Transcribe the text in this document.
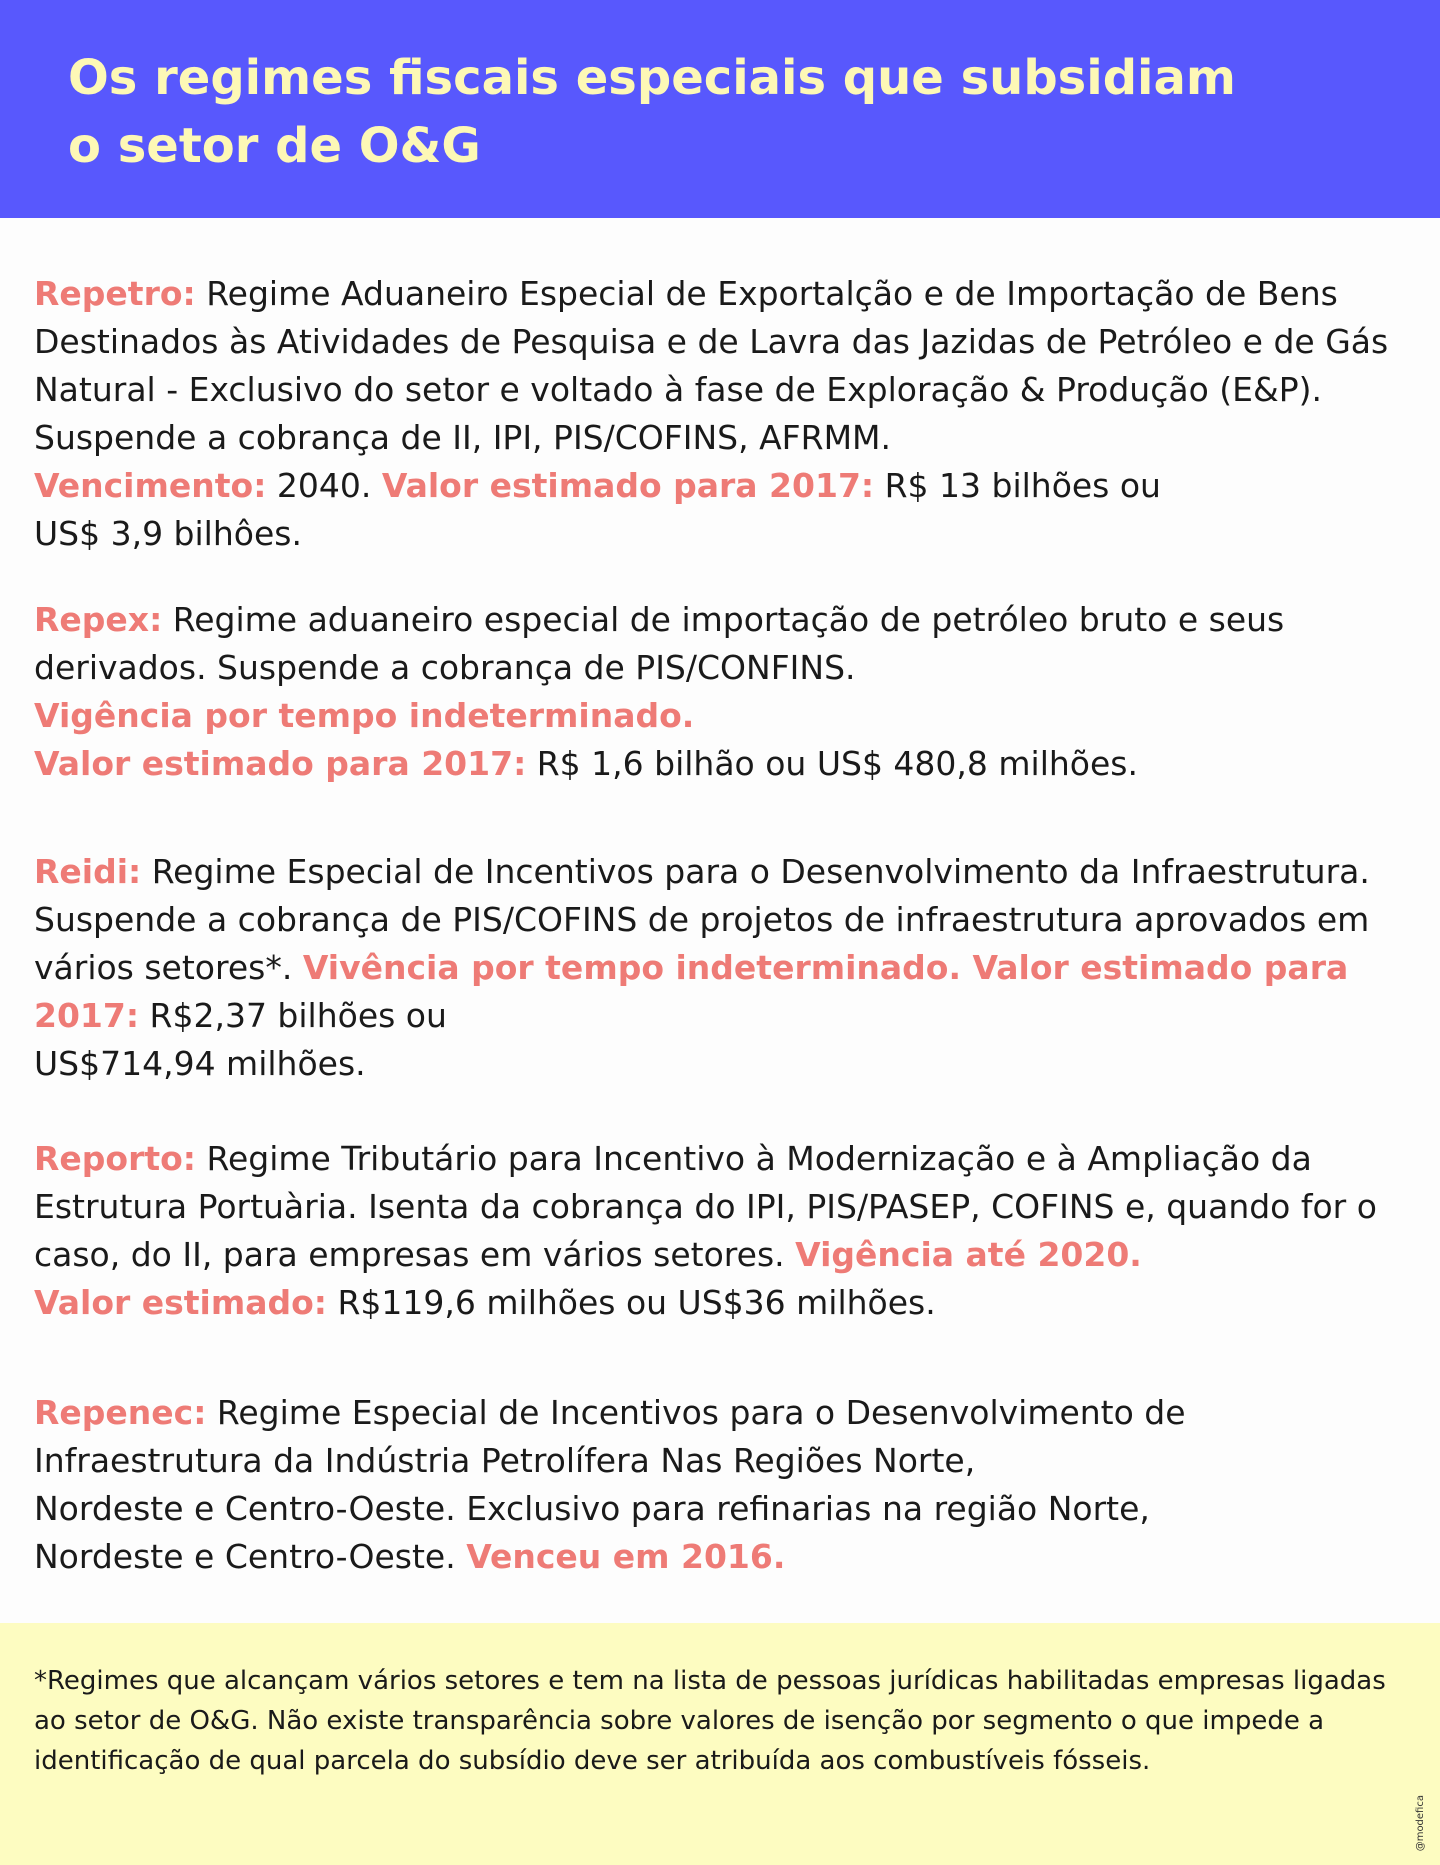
Os regimes fiscais especiais que subsidiam
o setor de O&G

Repetro: Regime Aduaneiro Especial de Exportalção e de Importação de Bens Destinados às Atividades de Pesquisa e de Lavra das Jazidas de Petróleo e de Gás Natural - Exclusivo do setor e voltado à fase de Exploração & Produção (E&P). Suspende a cobrança de II, IPI, PIS/COFINS, AFRMM.
Vencimento: 2040. Valor estimado para 2017: R$ 13 bilhões ou
US$ 3,9 bilhôes.

Repex: Regime aduaneiro especial de importação de petróleo bruto e seus derivados. Suspende a cobrança de PIS/CONFINS.
Vigência por tempo indeterminado.
Valor estimado para 2017: R$ 1,6 bilhão ou US$ 480,8 milhões.

Reidi: Regime Especial de Incentivos para o Desenvolvimento da Infraestrutura. Suspende a cobrança de PIS/COFINS de projetos de infraestrutura aprovados em vários setores*. Vivência por tempo indeterminado. Valor estimado para 2017: R$2,37 bilhões ou
US$714,94 milhões.

Reporto: Regime Tributário para Incentivo à Modernização e à Ampliação da Estrutura Portuària. Isenta da cobrança do IPI, PIS/PASEP, COFINS e, quando for o caso, do II, para empresas em vários setores. Vigência até 2020.
Valor estimado: R$119,6 milhões ou US$36 milhões.

Repenec: Regime Especial de Incentivos para o Desenvolvimento de
Infraestrutura da Indústria Petrolífera Nas Regiões Norte,
Nordeste e Centro-Oeste. Exclusivo para refinarias na região Norte,
Nordeste e Centro-Oeste. Venceu em 2016.

*Regimes que alcançam vários setores e tem na lista de pessoas jurídicas habilitadas empresas ligadas ao setor de O&G. Não existe transparência sobre valores de isenção por segmento o que impede a identificação de qual parcela do subsídio deve ser atribuída aos combustíveis fósseis.

@modefica
